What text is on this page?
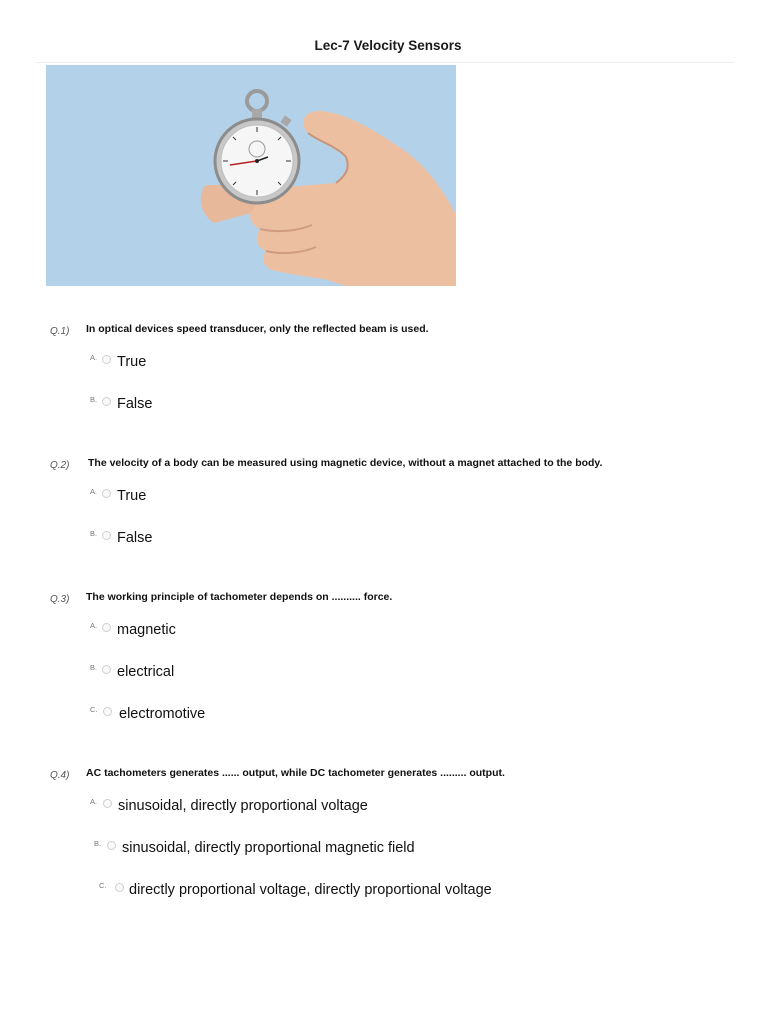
Lec-7 Velocity Sensors
Q.1) In optical devices speed transducer, only the reflected beam is used.
A. True
B. False
Q.2) The velocity of a body can be measured using magnetic device, without a magnet attached to the body.
A. True
B. False
Q.3) The working principle of tachometer depends on .......... force.
A. magnetic
B. electrical
C. electromotive
Q.4) AC tachometers generates ...... output, while DC tachometer generates ......... output.
A. sinusoidal, directly proportional voltage
B. sinusoidal, directly proportional magnetic field
C. directly proportional voltage, directly proportional voltage
